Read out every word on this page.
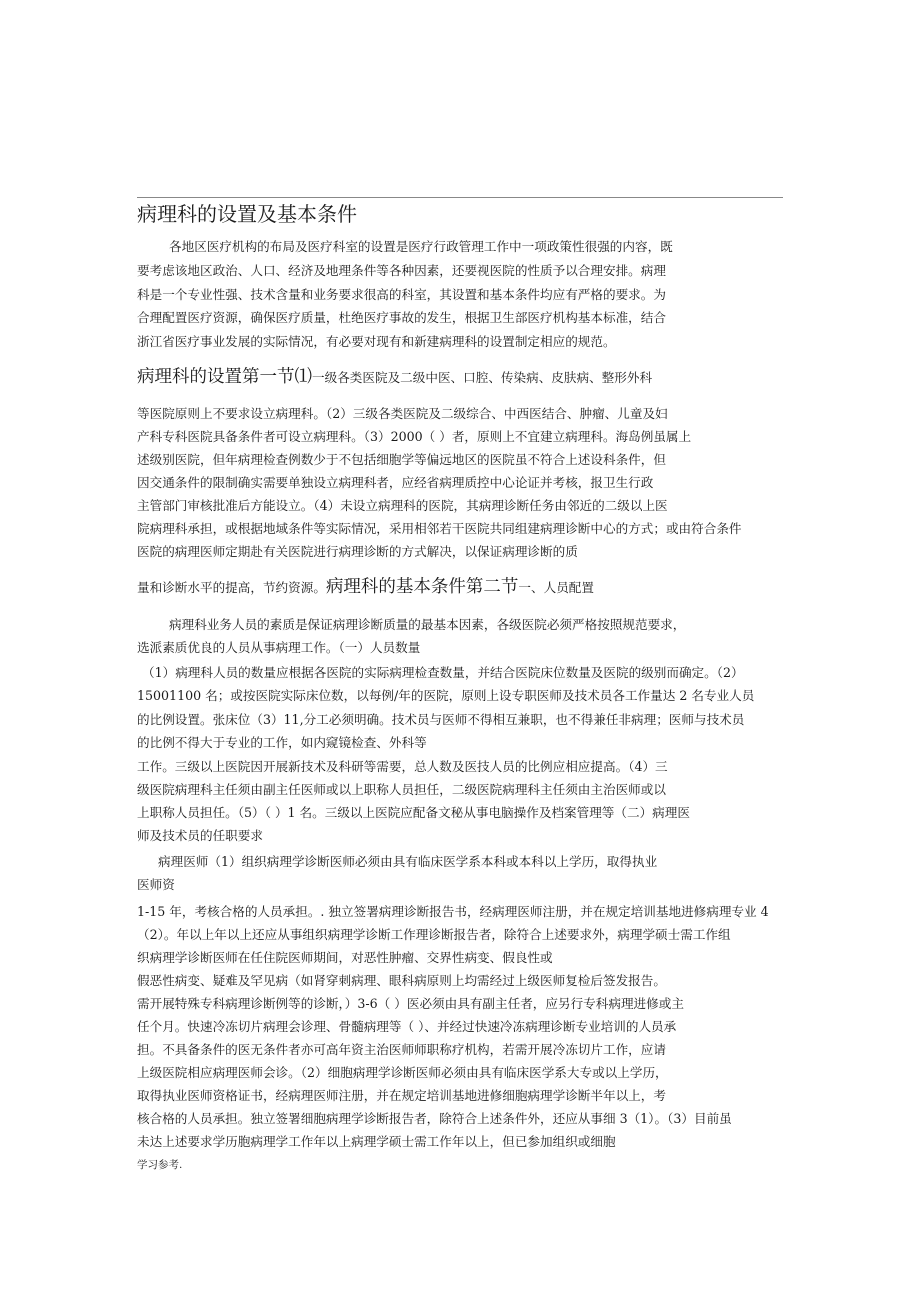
病理科的设置及基本条件
各地区医疗机构的布局及医疗科室的设置是医疗行政管理工作中一项政策性很强的内容，既
要考虑该地区政治、人口、经济及地理条件等各种因素，还要视医院的性质予以合理安排。病理
科是一个专业性强、技术含量和业务要求很高的科室，其设置和基本条件均应有严格的要求。为
合理配置医疗资源，确保医疗质量，杜绝医疗事故的发生，根据卫生部医疗机构基本标准，结合
浙江省医疗事业发展的实际情况，有必要对现有和新建病理科的设置制定相应的规范。
病理科的设置第一节⑴一级各类医院及二级中医、口腔、传染病、皮肤病、整形外科
等医院原则上不要求设立病理科。（2）三级各类医院及二级综合、中西医结合、肿瘤、儿童及妇
产科专科医院具备条件者可设立病理科。（3）2000（ ）者，原则上不宜建立病理科。海岛例虽属上
述级别医院，但年病理检查例数少于不包括细胞学等偏远地区的医院虽不符合上述设科条件，但
因交通条件的限制确实需要单独设立病理科者，应经省病理质控中心论证并考核，报卫生行政
主管部门审核批准后方能设立。（4）未设立病理科的医院，其病理诊断任务由邻近的二级以上医
院病理科承担，或根据地域条件等实际情况，采用相邻若干医院共同组建病理诊断中心的方式；或由符合条件
医院的病理医师定期赴有关医院进行病理诊断的方式解决，以保证病理诊断的质
量和诊断水平的提高，节约资源。病理科的基本条件第二节一、人员配置
病理科业务人员的素质是保证病理诊断质量的最基本因素，各级医院必须严格按照规范要求，
选派素质优良的人员从事病理工作。（一）人员数量
（1）病理科人员的数量应根据各医院的实际病理检查数量，并结合医院床位数量及医院的级别而确定。（2）
15001100 名；或按医院实际床位数，以每例/年的医院，原则上设专职医师及技术员各工作量达 2 名专业人员
的比例设置。张床位（3）11,分工必须明确。技术员与医师不得相互兼职，也不得兼任非病理；医师与技术员
的比例不得大于专业的工作，如内窥镜检查、外科等
工作。三级以上医院因开展新技术及科研等需要，总人数及医技人员的比例应相应提高。（4）三
级医院病理科主任须由副主任医师或以上职称人员担任，二级医院病理科主任须由主治医师或以
上职称人员担任。（5）（ ）1 名。三级以上医院应配备文秘从事电脑操作及档案管理等（二）病理医
师及技术员的任职要求
病理医师（1）组织病理学诊断医师必须由具有临床医学系本科或本科以上学历，取得执业
医师资
1-15 年，考核合格的人员承担。. 独立签署病理诊断报告书，经病理医师注册，并在规定培训基地进修病理专业 4
（2）。年以上年以上还应从事组织病理学诊断工作理诊断报告者，除符合上述要求外，病理学硕士需工作组
织病理学诊断医师在任住院医师期间，对恶性肿瘤、交界性病变、假良性或
假恶性病变、疑难及罕见病（如肾穿刺病理、眼科病原则上均需经过上级医师复检后签发报告。
需开展特殊专科病理诊断例等的诊断，）3-6（ ）医必须由具有副主任者，应另行专科病理进修或主
任个月。快速冷冻切片病理会诊理、骨髓病理等（ ）、并经过快速冷冻病理诊断专业培训的人员承
担。不具备条件的医无条件者亦可高年资主治医师师职称疗机构，若需开展冷冻切片工作，应请
上级医院相应病理医师会诊。（2）细胞病理学诊断医师必须由具有临床医学系大专或以上学历，
取得执业医师资格证书，经病理医师注册，并在规定培训基地进修细胞病理学诊断半年以上，考
核合格的人员承担。独立签署细胞病理学诊断报告者，除符合上述条件外，还应从事细 3（1）。（3）目前虽
未达上述要求学历胞病理学工作年以上病理学硕士需工作年以上，但已参加组织或细胞
学习参考.
